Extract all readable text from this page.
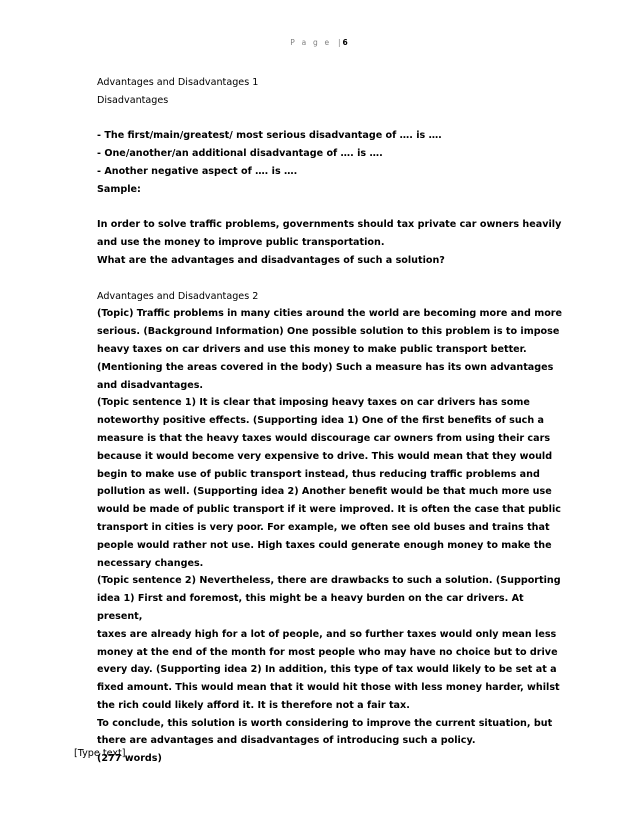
P a g e | 6

Advantages and Disadvantages 1

Disadvantages

- The first/main/greatest/ most serious disadvantage of …. is ….

- One/another/an additional disadvantage of …. is ….

- Another negative aspect of …. is ….

Sample:

In order to solve traffic problems, governments should tax private car owners heavily

and use the money to improve public transportation.

What are the advantages and disadvantages of such a solution?

Advantages and Disadvantages 2

(Topic) Traffic problems in many cities around the world are becoming more and more

serious. (Background Information) One possible solution to this problem is to impose

heavy taxes on car drivers and use this money to make public transport better.

(Mentioning the areas covered in the body) Such a measure has its own advantages

and disadvantages.

(Topic sentence 1) It is clear that imposing heavy taxes on car drivers has some

noteworthy positive effects. (Supporting idea 1) One of the first benefits of such a

measure is that the heavy taxes would discourage car owners from using their cars

because it would become very expensive to drive. This would mean that they would

begin to make use of public transport instead, thus reducing traffic problems and

pollution as well. (Supporting idea 2) Another benefit would be that much more use

would be made of public transport if it were improved. It is often the case that public

transport in cities is very poor. For example, we often see old buses and trains that

people would rather not use. High taxes could generate enough money to make the

necessary changes.

(Topic sentence 2) Nevertheless, there are drawbacks to such a solution. (Supporting

idea 1) First and foremost, this might be a heavy burden on the car drivers. At present,

taxes are already high for a lot of people, and so further taxes would only mean less

money at the end of the month for most people who may have no choice but to drive

every day. (Supporting idea 2) In addition, this type of tax would likely to be set at a

fixed amount. This would mean that it would hit those with less money harder, whilst

the rich could likely afford it. It is therefore not a fair tax.

To conclude, this solution is worth considering to improve the current situation, but

there are advantages and disadvantages of introducing such a policy.

(277 words)

[Type text]
